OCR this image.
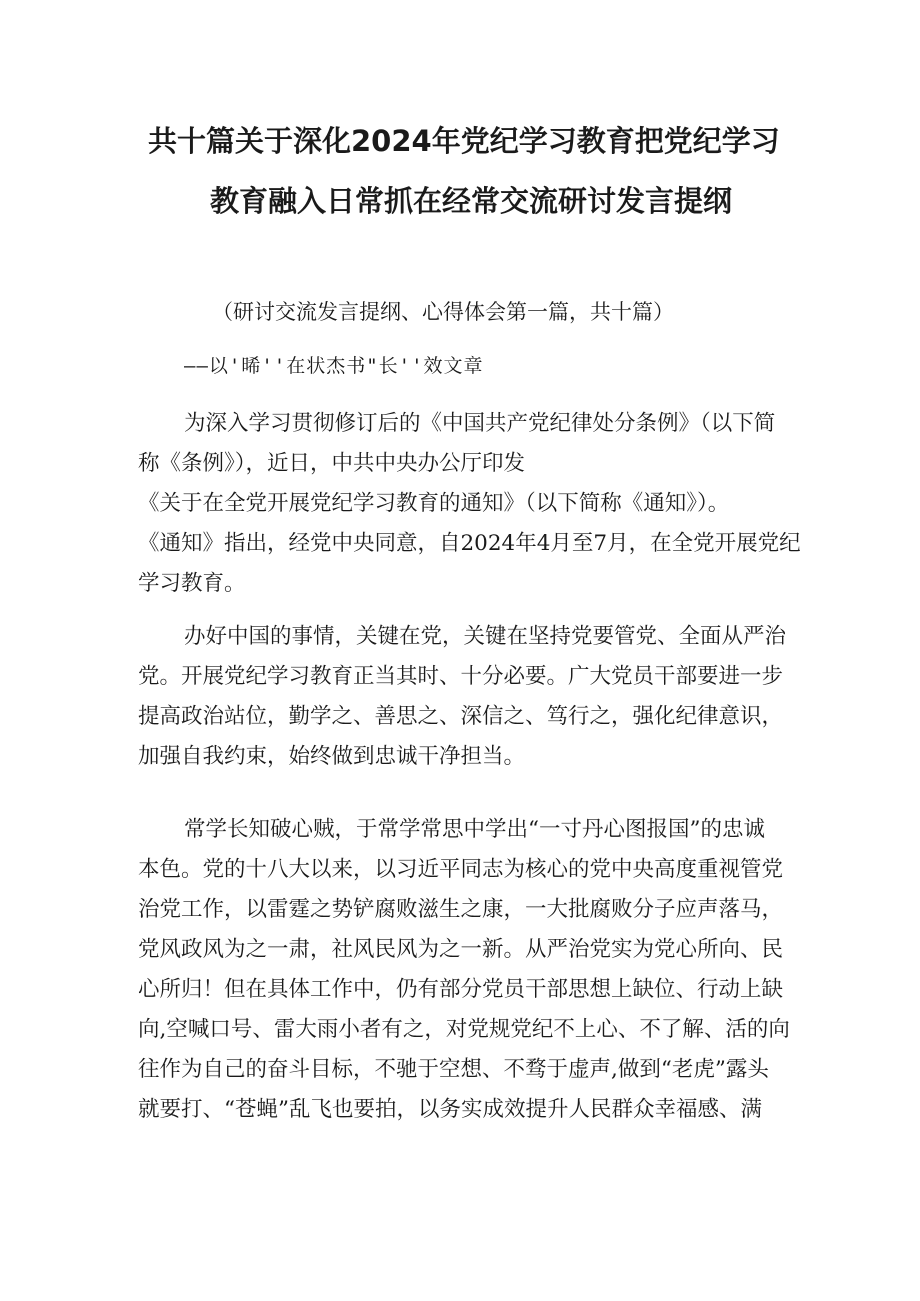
共十篇关于深化2024年党纪学习教育把党纪学习
教育融入日常抓在经常交流研讨发言提纲
（研讨交流发言提纲、心得体会第一篇，共十篇）
——以'晞''在状杰书"长''效文章
为深入学习贯彻修订后的《中国共产党纪律处分条例》（以下简
称《条例》），近日，中共中央办公厅印发
《关于在全党开展党纪学习教育的通知》（以下简称《通知》）。
《通知》指出，经党中央同意，自2024年4月至7月，在全党开展党纪
学习教育。
办好中国的事情，关键在党，关键在坚持党要管党、全面从严治
党。开展党纪学习教育正当其时、十分必要。广大党员干部要进一步
提高政治站位，勤学之、善思之、深信之、笃行之，强化纪律意识，
加强自我约束，始终做到忠诚干净担当。
常学长知破心贼，于常学常思中学出“一寸丹心图报国”的忠诚
本色。党的十八大以来，以习近平同志为核心的党中央高度重视管党
治党工作，以雷霆之势铲腐败滋生之康，一大批腐败分子应声落马，
党风政风为之一肃，社风民风为之一新。从严治党实为党心所向、民
心所归！但在具体工作中，仍有部分党员干部思想上缺位、行动上缺
向,空喊口号、雷大雨小者有之，对党规党纪不上心、不了解、活的向
往作为自己的奋斗目标，不驰于空想、不骛于虚声,做到“老虎”露头
就要打、“苍蝇”乱飞也要拍，以务实成效提升人民群众幸福感、满
